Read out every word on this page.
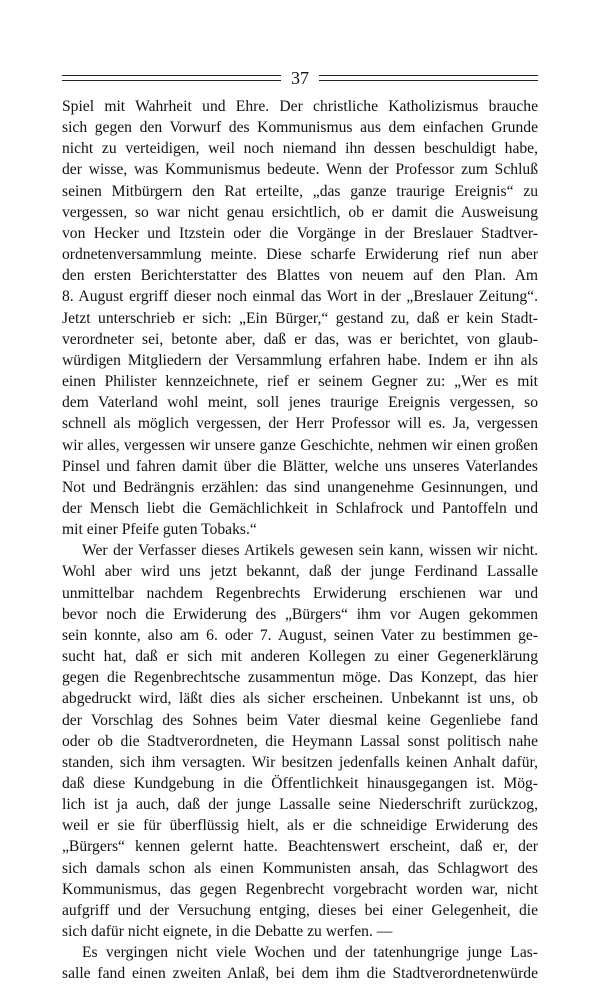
37
Spiel mit Wahrheit und Ehre. Der christliche Katholizismus brauche
sich gegen den Vorwurf des Kommunismus aus dem einfachen Grunde
nicht zu verteidigen, weil noch niemand ihn dessen beschuldigt habe,
der wisse, was Kommunismus bedeute. Wenn der Professor zum Schluß
seinen Mitbürgern den Rat erteilte, „das ganze traurige Ereignis“ zu
vergessen, so war nicht genau ersichtlich, ob er damit die Ausweisung
von Hecker und Itzstein oder die Vorgänge in der Breslauer Stadtver-
ordnetenversammlung meinte. Diese scharfe Erwiderung rief nun aber
den ersten Berichterstatter des Blattes von neuem auf den Plan. Am
8. August ergriff dieser noch einmal das Wort in der „Breslauer Zeitung“.
Jetzt unterschrieb er sich: „Ein Bürger,“ gestand zu, daß er kein Stadt-
verordneter sei, betonte aber, daß er das, was er berichtet, von glaub-
würdigen Mitgliedern der Versammlung erfahren habe. Indem er ihn als
einen Philister kennzeichnete, rief er seinem Gegner zu: „Wer es mit
dem Vaterland wohl meint, soll jenes traurige Ereignis vergessen, so
schnell als möglich vergessen, der Herr Professor will es. Ja, vergessen
wir alles, vergessen wir unsere ganze Geschichte, nehmen wir einen großen
Pinsel und fahren damit über die Blätter, welche uns unseres Vaterlandes
Not und Bedrängnis erzählen: das sind unangenehme Gesinnungen, und
der Mensch liebt die Gemächlichkeit in Schlafrock und Pantoffeln und
mit einer Pfeife guten Tobaks.“
Wer der Verfasser dieses Artikels gewesen sein kann, wissen wir nicht.
Wohl aber wird uns jetzt bekannt, daß der junge Ferdinand Lassalle
unmittelbar nachdem Regenbrechts Erwiderung erschienen war und
bevor noch die Erwiderung des „Bürgers“ ihm vor Augen gekommen
sein konnte, also am 6. oder 7. August, seinen Vater zu bestimmen ge-
sucht hat, daß er sich mit anderen Kollegen zu einer Gegenerklärung
gegen die Regenbrechtsche zusammentun möge. Das Konzept, das hier
abgedruckt wird, läßt dies als sicher erscheinen. Unbekannt ist uns, ob
der Vorschlag des Sohnes beim Vater diesmal keine Gegenliebe fand
oder ob die Stadtverordneten, die Heymann Lassal sonst politisch nahe
standen, sich ihm versagten. Wir besitzen jedenfalls keinen Anhalt dafür,
daß diese Kundgebung in die Öffentlichkeit hinausgegangen ist. Mög-
lich ist ja auch, daß der junge Lassalle seine Niederschrift zurückzog,
weil er sie für überflüssig hielt, als er die schneidige Erwiderung des
„Bürgers“ kennen gelernt hatte. Beachtenswert erscheint, daß er, der
sich damals schon als einen Kommunisten ansah, das Schlagwort des
Kommunismus, das gegen Regenbrecht vorgebracht worden war, nicht
aufgriff und der Versuchung entging, dieses bei einer Gelegenheit, die
sich dafür nicht eignete, in die Debatte zu werfen. —
Es vergingen nicht viele Wochen und der tatenhungrige junge Las-
salle fand einen zweiten Anlaß, bei dem ihm die Stadtverordnetenwürde
